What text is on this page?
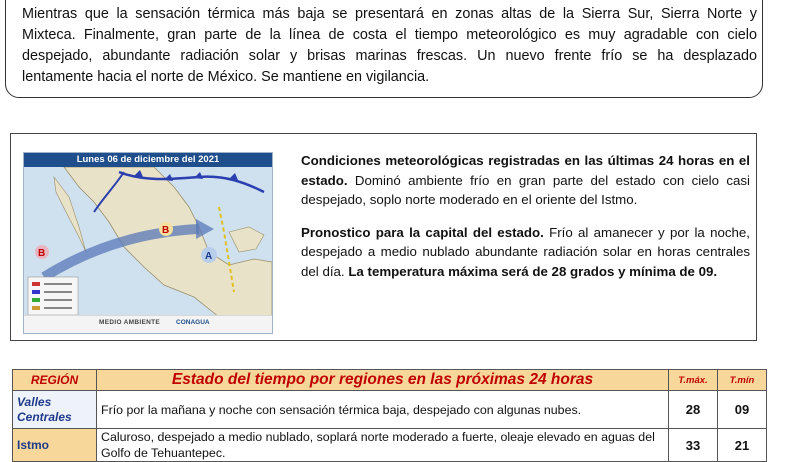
Mientras que la sensación térmica más baja se presentará en zonas altas de la Sierra Sur, Sierra Norte y
Mixteca. Finalmente, gran parte de la línea de costa el tiempo meteorológico es muy agradable con cielo
despejado, abundante radiación solar y brisas marinas frescas. Un nuevo frente frío se ha desplazado
lentamente hacia el norte de México. Se mantiene en vigilancia.
Lunes 06 de diciembre del 2021
B
B
A
MEDIO AMBIENTE CONAGUA

Condiciones meteorológicas registradas en las últimas 24 horas en el estado. Dominó ambiente frío en gran parte del estado con cielo casi despejado, soplo norte moderado en el oriente del Istmo.

Pronostico para la capital del estado. Frío al amanecer y por la noche, despejado a medio nublado abundante radiación solar en horas centrales del día. La temperatura máxima será de 28 grados y mínima de 09.

REGIÓN	Estado del tiempo por regiones en las próximas 24 horas	T.máx.	T.mín
Valles Centrales	Frío por la mañana y noche con sensación térmica baja, despejado con algunas nubes.	28	09
Istmo	Caluroso, despejado a medio nublado, soplará norte moderado a fuerte, oleaje elevado en aguas del Golfo de Tehuantepec.	33	21
